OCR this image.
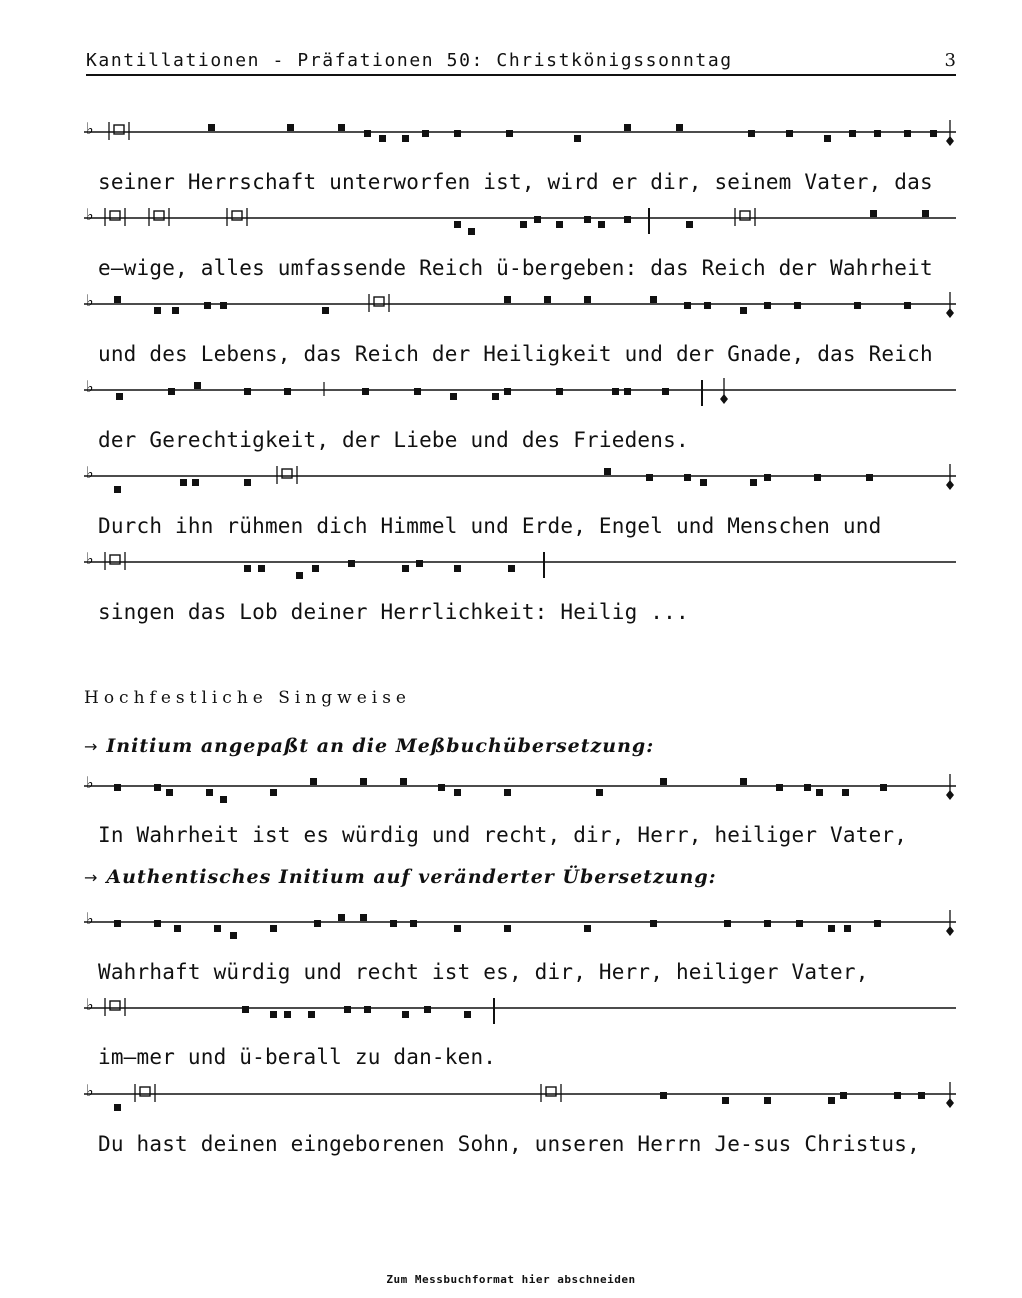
Kantillationen - Präfationen 50: Christkönigssonntag	3
♭
seiner Herrschaft unterworfen ist, wird er dir, seinem Vater, das
♭
e—wige, alles umfassende Reich ü-bergeben: das Reich der Wahrheit
♭
und des Lebens, das Reich der Heiligkeit und der Gnade, das Reich
♭
der Gerechtigkeit, der Liebe und des Friedens.
♭
Durch ihn rühmen dich Himmel und Erde, Engel und Menschen und
♭
singen das Lob deiner Herrlichkeit: Heilig ...
Hochfestliche Singweise
→ Initium angepaßt an die Meßbuchübersetzung:
♭
In Wahrheit ist es würdig und recht, dir, Herr, heiliger Vater,
→ Authentisches Initium auf veränderter Übersetzung:
♭
Wahrhaft würdig und recht ist es, dir, Herr, heiliger Vater,
♭
im—mer und ü-berall zu dan-ken.
♭
Du hast deinen eingeborenen Sohn, unseren Herrn Je-sus Christus,
Zum Messbuchformat hier abschneiden
